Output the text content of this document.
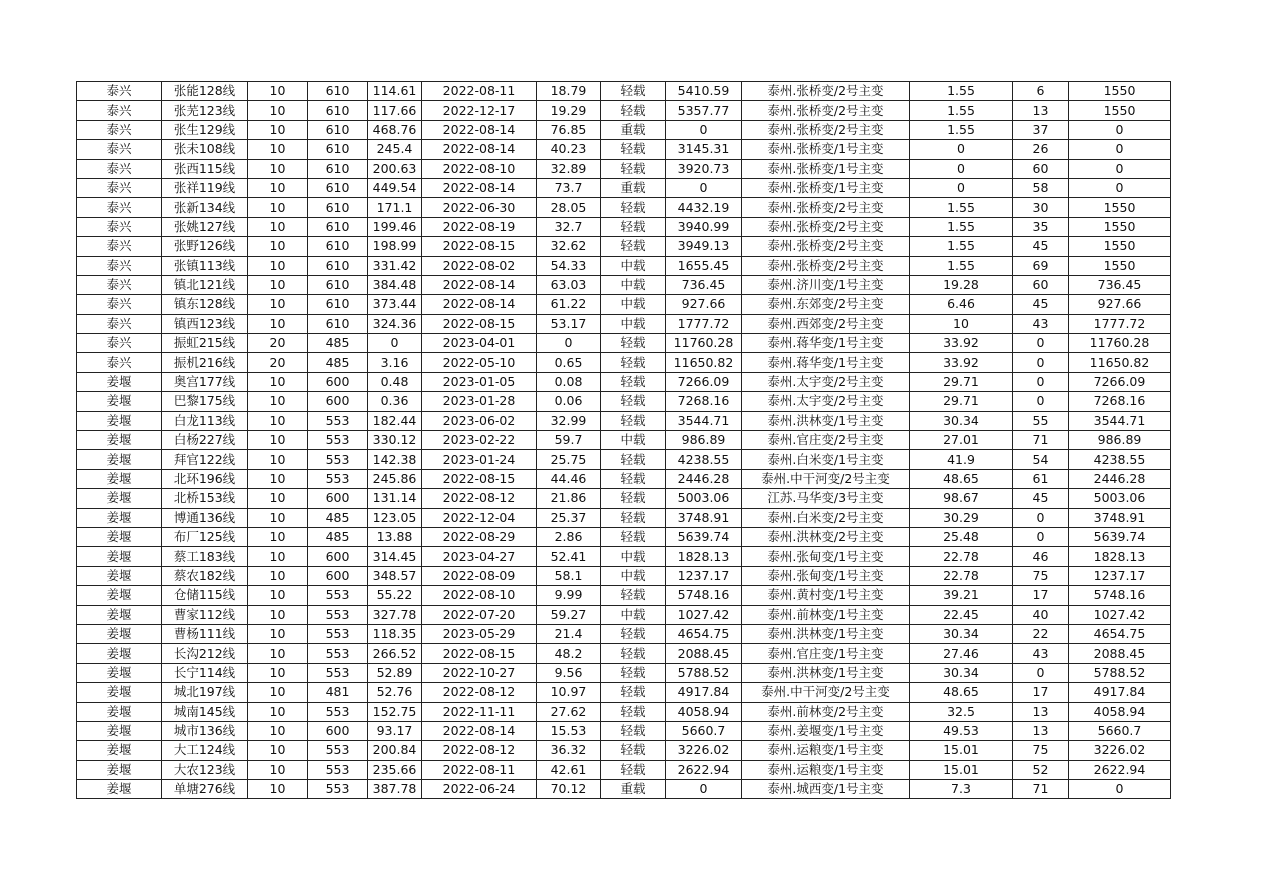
泰兴	张能128线	10	610	114.61	2022-08-11	18.79	轻载	5410.59	泰州.张桥变/2号主变	1.55	6	1550
泰兴	张芜123线	10	610	117.66	2022-12-17	19.29	轻载	5357.77	泰州.张桥变/2号主变	1.55	13	1550
泰兴	张生129线	10	610	468.76	2022-08-14	76.85	重载	0	泰州.张桥变/2号主变	1.55	37	0
泰兴	张未108线	10	610	245.4	2022-08-14	40.23	轻载	3145.31	泰州.张桥变/1号主变	0	26	0
泰兴	张西115线	10	610	200.63	2022-08-10	32.89	轻载	3920.73	泰州.张桥变/1号主变	0	60	0
泰兴	张祥119线	10	610	449.54	2022-08-14	73.7	重载	0	泰州.张桥变/1号主变	0	58	0
泰兴	张新134线	10	610	171.1	2022-06-30	28.05	轻载	4432.19	泰州.张桥变/2号主变	1.55	30	1550
泰兴	张姚127线	10	610	199.46	2022-08-19	32.7	轻载	3940.99	泰州.张桥变/2号主变	1.55	35	1550
泰兴	张野126线	10	610	198.99	2022-08-15	32.62	轻载	3949.13	泰州.张桥变/2号主变	1.55	45	1550
泰兴	张镇113线	10	610	331.42	2022-08-02	54.33	中载	1655.45	泰州.张桥变/2号主变	1.55	69	1550
泰兴	镇北121线	10	610	384.48	2022-08-14	63.03	中载	736.45	泰州.济川变/1号主变	19.28	60	736.45
泰兴	镇东128线	10	610	373.44	2022-08-14	61.22	中载	927.66	泰州.东郊变/2号主变	6.46	45	927.66
泰兴	镇西123线	10	610	324.36	2022-08-15	53.17	中载	1777.72	泰州.西郊变/2号主变	10	43	1777.72
泰兴	振虹215线	20	485	0	2023-04-01	0	轻载	11760.28	泰州.蒋华变/1号主变	33.92	0	11760.28
泰兴	振机216线	20	485	3.16	2022-05-10	0.65	轻载	11650.82	泰州.蒋华变/1号主变	33.92	0	11650.82
姜堰	奥宫177线	10	600	0.48	2023-01-05	0.08	轻载	7266.09	泰州.太宇变/2号主变	29.71	0	7266.09
姜堰	巴黎175线	10	600	0.36	2023-01-28	0.06	轻载	7268.16	泰州.太宇变/2号主变	29.71	0	7268.16
姜堰	白龙113线	10	553	182.44	2023-06-02	32.99	轻载	3544.71	泰州.洪林变/1号主变	30.34	55	3544.71
姜堰	白杨227线	10	553	330.12	2023-02-22	59.7	中载	986.89	泰州.官庄变/2号主变	27.01	71	986.89
姜堰	拜官122线	10	553	142.38	2023-01-24	25.75	轻载	4238.55	泰州.白米变/1号主变	41.9	54	4238.55
姜堰	北环196线	10	553	245.86	2022-08-15	44.46	轻载	2446.28	泰州.中干河变/2号主变	48.65	61	2446.28
姜堰	北桥153线	10	600	131.14	2022-08-12	21.86	轻载	5003.06	江苏.马华变/3号主变	98.67	45	5003.06
姜堰	博通136线	10	485	123.05	2022-12-04	25.37	轻载	3748.91	泰州.白米变/2号主变	30.29	0	3748.91
姜堰	布厂125线	10	485	13.88	2022-08-29	2.86	轻载	5639.74	泰州.洪林变/2号主变	25.48	0	5639.74
姜堰	蔡工183线	10	600	314.45	2023-04-27	52.41	中载	1828.13	泰州.张甸变/1号主变	22.78	46	1828.13
姜堰	蔡农182线	10	600	348.57	2022-08-09	58.1	中载	1237.17	泰州.张甸变/1号主变	22.78	75	1237.17
姜堰	仓储115线	10	553	55.22	2022-08-10	9.99	轻载	5748.16	泰州.黄村变/1号主变	39.21	17	5748.16
姜堰	曹家112线	10	553	327.78	2022-07-20	59.27	中载	1027.42	泰州.前林变/1号主变	22.45	40	1027.42
姜堰	曹杨111线	10	553	118.35	2023-05-29	21.4	轻载	4654.75	泰州.洪林变/1号主变	30.34	22	4654.75
姜堰	长沟212线	10	553	266.52	2022-08-15	48.2	轻载	2088.45	泰州.官庄变/1号主变	27.46	43	2088.45
姜堰	长宁114线	10	553	52.89	2022-10-27	9.56	轻载	5788.52	泰州.洪林变/1号主变	30.34	0	5788.52
姜堰	城北197线	10	481	52.76	2022-08-12	10.97	轻载	4917.84	泰州.中干河变/2号主变	48.65	17	4917.84
姜堰	城南145线	10	553	152.75	2022-11-11	27.62	轻载	4058.94	泰州.前林变/2号主变	32.5	13	4058.94
姜堰	城市136线	10	600	93.17	2022-08-14	15.53	轻载	5660.7	泰州.姜堰变/1号主变	49.53	13	5660.7
姜堰	大工124线	10	553	200.84	2022-08-12	36.32	轻载	3226.02	泰州.运粮变/1号主变	15.01	75	3226.02
姜堰	大农123线	10	553	235.66	2022-08-11	42.61	轻载	2622.94	泰州.运粮变/1号主变	15.01	52	2622.94
姜堰	单塘276线	10	553	387.78	2022-06-24	70.12	重载	0	泰州.城西变/1号主变	7.3	71	0
